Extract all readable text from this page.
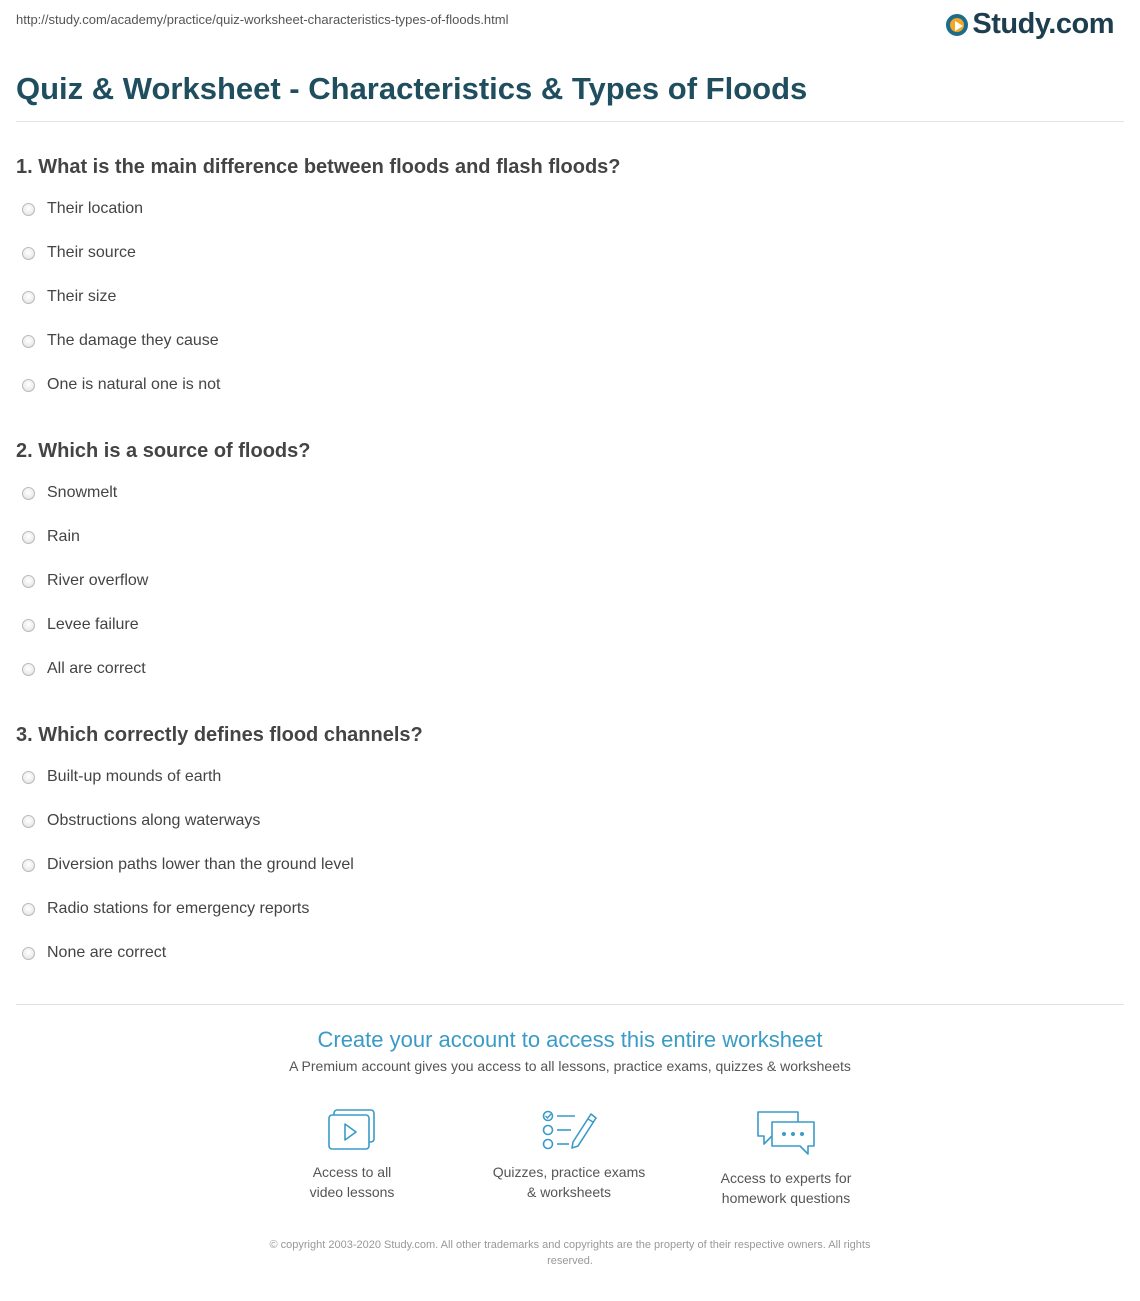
http://study.com/academy/practice/quiz-worksheet-characteristics-types-of-floods.html	Study.com
Quiz & Worksheet - Characteristics & Types of Floods
1. What is the main difference between floods and flash floods?
Their location
Their source
Their size
The damage they cause
One is natural one is not
2. Which is a source of floods?
Snowmelt
Rain
River overflow
Levee failure
All are correct
3. Which correctly defines flood channels?
Built-up mounds of earth
Obstructions along waterways
Diversion paths lower than the ground level
Radio stations for emergency reports
None are correct
Create your account to access this entire worksheet
A Premium account gives you access to all lessons, practice exams, quizzes & worksheets
Access to all
video lessons
Quizzes, practice exams
& worksheets
Access to experts for
homework questions
© copyright 2003-2020 Study.com. All other trademarks and copyrights are the property of their respective owners. All rights
reserved.
